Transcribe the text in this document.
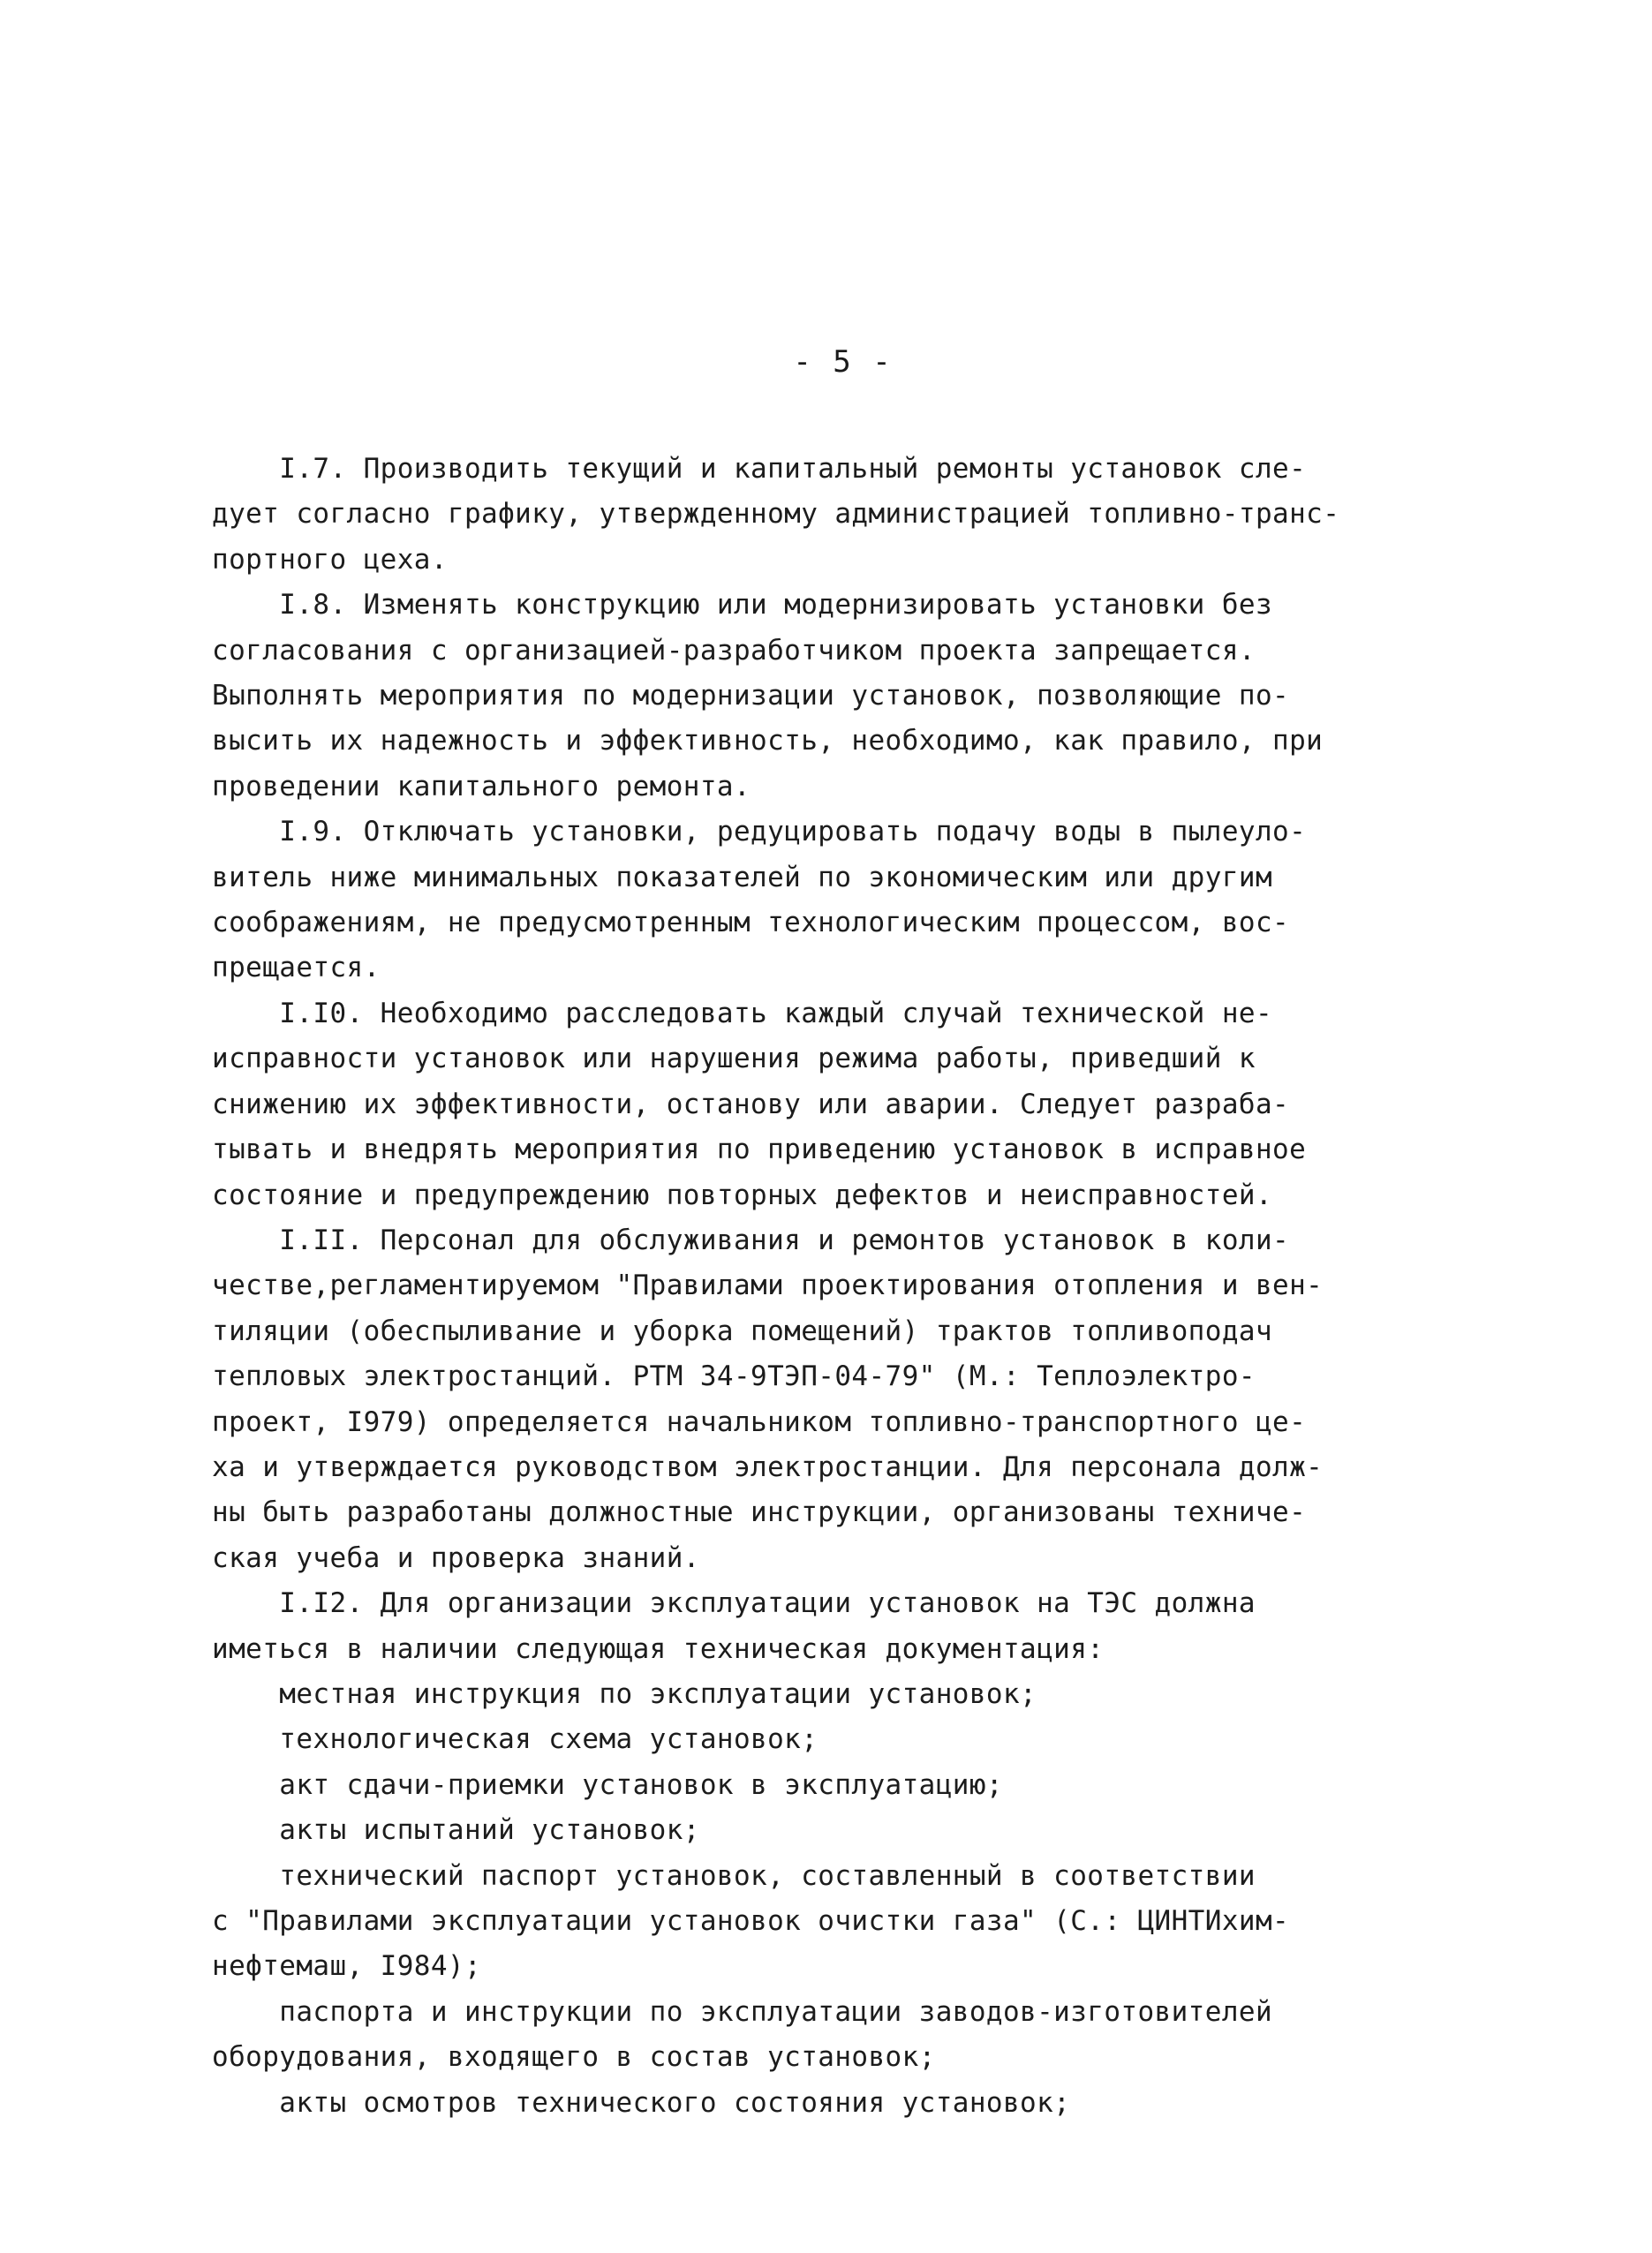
- 5 -

I.7. Производить текущий и капитальный ремонты установок сле-

дует согласно графику, утвержденному администрацией топливно-транс-

портного цеха.

I.8. Изменять конструкцию или модернизировать установки без

согласования с организацией-разработчиком проекта запрещается.

Выполнять мероприятия по модернизации установок, позволяющие по-

высить их надежность и эффективность, необходимо, как правило, при

проведении капитального ремонта.

I.9. Отключать установки, редуцировать подачу воды в пылеуло-

витель ниже минимальных показателей по экономическим или другим

соображениям, не предусмотренным технологическим процессом, вос-

прещается.

I.I0. Необходимо расследовать каждый случай технической не-

исправности установок или нарушения режима работы, приведший к

снижению их эффективности, останову или аварии. Следует разраба-

тывать и внедрять мероприятия по приведению установок в исправное

состояние и предупреждению повторных дефектов и неисправностей.

I.II. Персонал для обслуживания и ремонтов установок в коли-

честве,регламентируемом "Правилами проектирования отопления и вен-

тиляции (обеспыливание и уборка помещений) трактов топливоподач

тепловых электростанций. РТМ 34-9ТЭП-04-79" (М.: Теплоэлектро-

проект, I979) определяется начальником топливно-транспортного це-

ха и утверждается руководством электростанции. Для персонала долж-

ны быть разработаны должностные инструкции, организованы техниче-

ская учеба и проверка знаний.

I.I2. Для организации эксплуатации установок на ТЭС должна

иметься в наличии следующая техническая документация:

местная инструкция по эксплуатации установок;

технологическая схема установок;

акт сдачи-приемки установок в эксплуатацию;

акты испытаний установок;

технический паспорт установок, составленный в соответствии

с "Правилами эксплуатации установок очистки газа" (С.: ЦИНТИхим-

нефтемаш, I984);

паспорта и инструкции по эксплуатации заводов-изготовителей

оборудования, входящего в состав установок;

акты осмотров технического состояния установок;
